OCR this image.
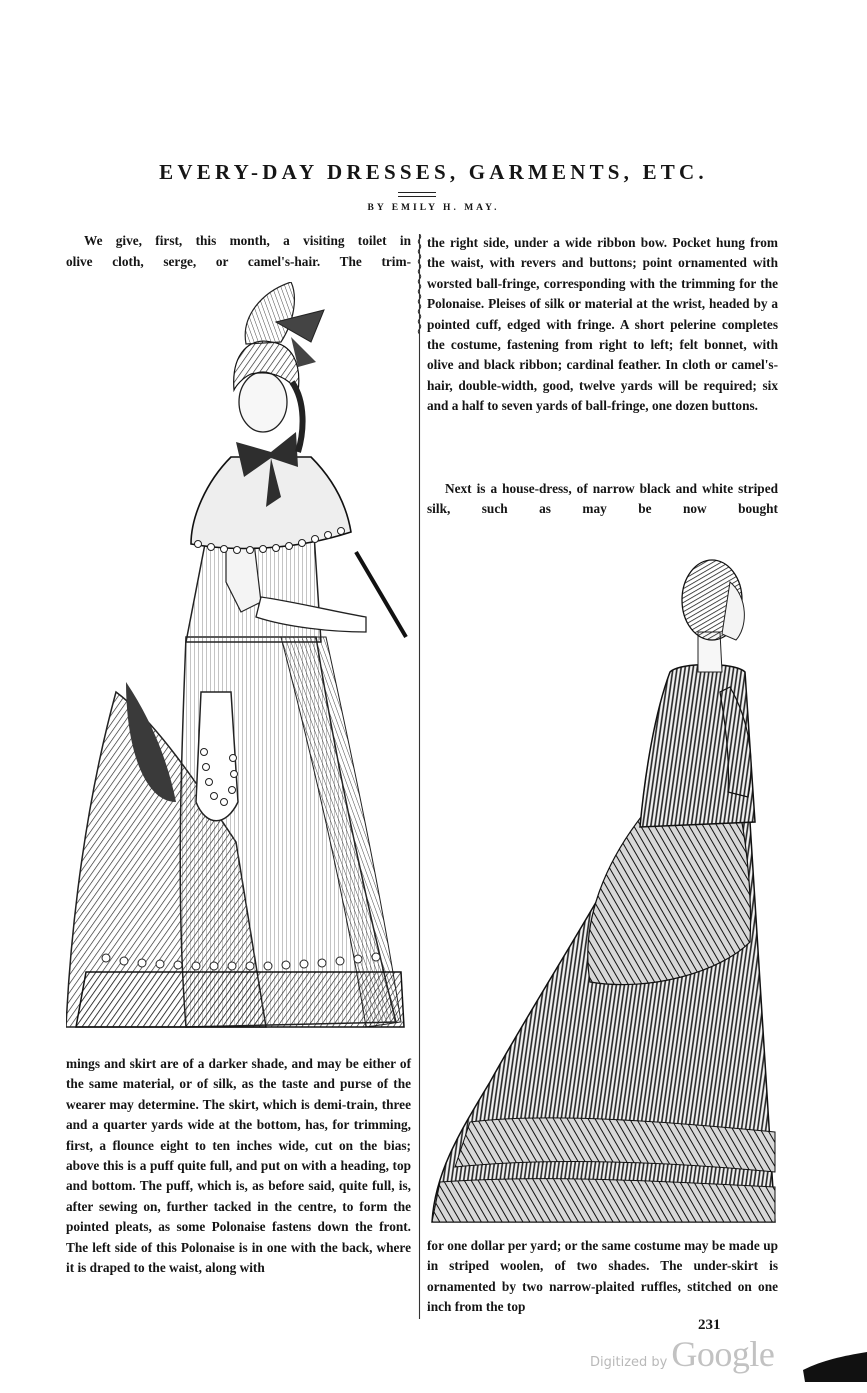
EVERY-DAY DRESSES, GARMENTS, ETC.

BY EMILY H. MAY.

We give, first, this month, a visiting toilet in

olive cloth, serge, or camel's-hair. The trim-

mings and skirt are of a darker shade, and may be either of the same material, or of silk, as the taste and purse of the wearer may determine. The skirt, which is demi-train, three and a quarter yards wide at the bottom, has, for trimming, first, a flounce eight to ten inches wide, cut on the bias; above this is a puff quite full, and put on with a heading, top and bottom. The puff, which is, as before said, quite full, is, after sewing on, further tacked in the centre, to form the pointed pleats, as some Polonaise fastens down the front. The left side of this Polonaise is in one with the back, where it is draped to the waist, along with

the right side, under a wide ribbon bow. Pocket hung from the waist, with revers and buttons; point ornamented with worsted ball-fringe, corresponding with the trimming for the Polonaise. Pleises of silk or material at the wrist, headed by a pointed cuff, edged with fringe. A short pelerine completes the costume, fastening from right to left; felt bonnet, with olive and black ribbon; cardinal feather. In cloth or camel's-hair, double-width, good, twelve yards will be required; six and a half to seven yards of ball-fringe, one dozen buttons.

Next is a house-dress, of narrow black and white striped silk, such as may be now bought

for one dollar per yard; or the same costume may be made up in striped woolen, of two shades. The under-skirt is ornamented by two narrow-plaited ruffles, stitched on one inch from the top

231

Digitized by Google
